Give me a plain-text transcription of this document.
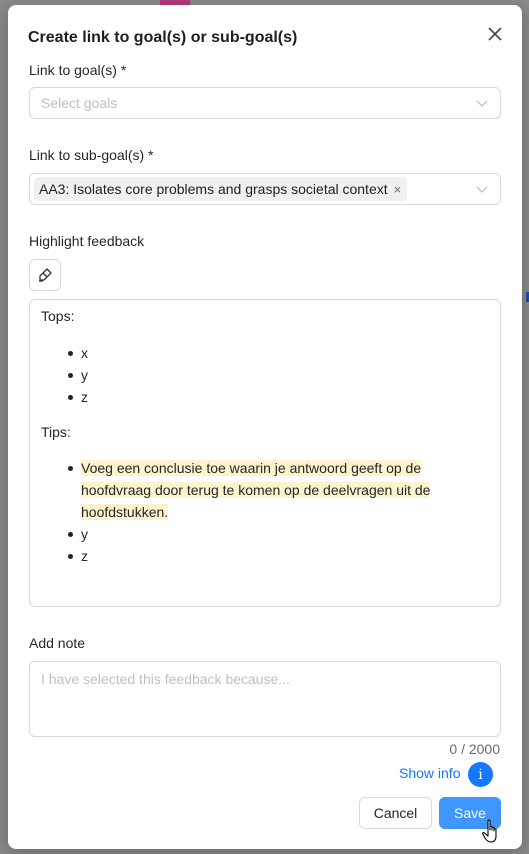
Create link to goal(s) or sub-goal(s)
Link to goal(s) *
Select goals
Link to sub-goal(s) *
AA3: Isolates core problems and grasps societal context ×
Highlight feedback
Tops:
x
y
z
Tips:
Voeg een conclusie toe waarin je antwoord geeft op de
hoofdvraag door terug te komen op de deelvragen uit de
hoofdstukken.
y
z
Add note
I have selected this feedback because...
0 / 2000
Show info	i
Cancel	Save
